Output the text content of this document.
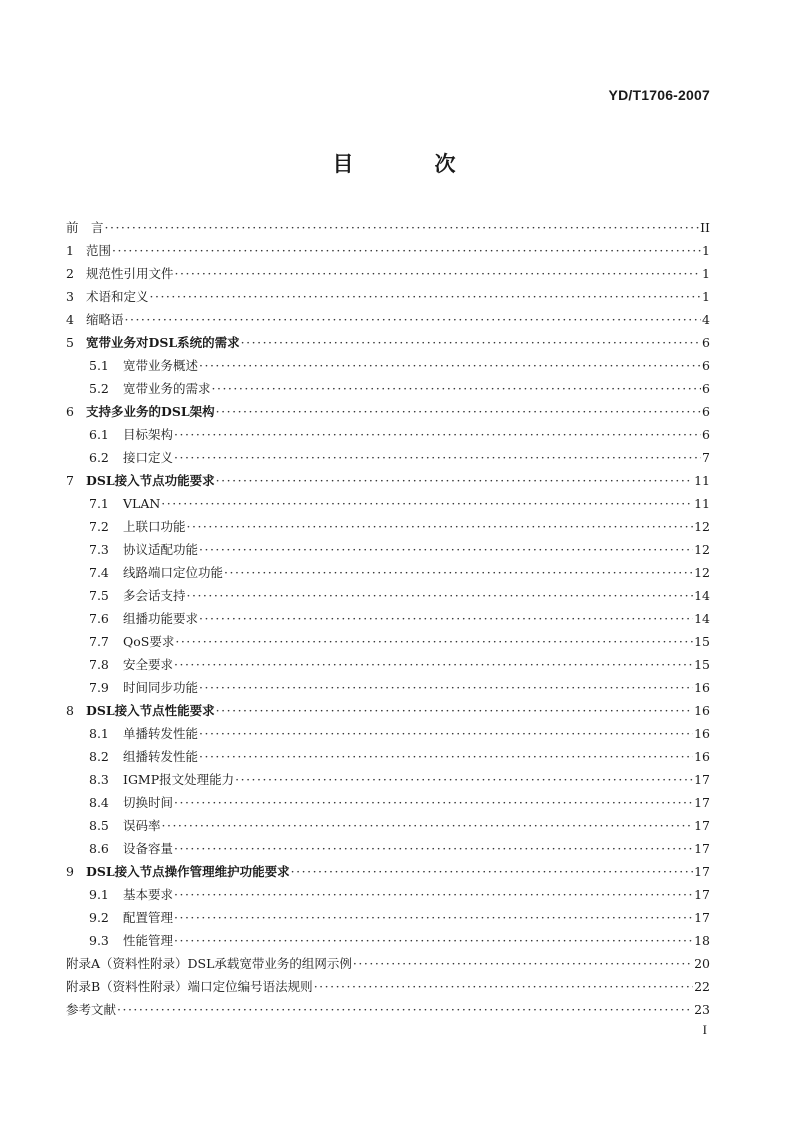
YD/T1706-2007
目　次
前　言 ·····	II
1 范围 ·····	1
2 规范性引用文件 ·····	1
3 术语和定义 ·····	1
4 缩略语 ·····	4
5 宽带业务对DSL系统的需求 ·····	6
5.1	宽带业务概述 ·····	6
5.2	宽带业务的需求 ·····	6
6 支持多业务的DSL架构 ·····	6
6.1	目标架构 ·····	6
6.2	接口定义 ·····	7
7 DSL接入节点功能要求 ·····	11
7.1	VLAN ·····	11
7.2	上联口功能 ·····	12
7.3	协议适配功能 ·····	12
7.4	线路端口定位功能 ·····	12
7.5	多会话支持 ·····	14
7.6	组播功能要求 ·····	14
7.7	QoS要求 ·····	15
7.8	安全要求 ·····	15
7.9	时间同步功能 ·····	16
8 DSL接入节点性能要求 ·····	16
8.1	单播转发性能 ·····	16
8.2	组播转发性能 ·····	16
8.3	IGMP报文处理能力 ·····	17
8.4	切换时间 ·····	17
8.5	误码率 ·····	17
8.6	设备容量 ·····	17
9 DSL接入节点操作管理维护功能要求 ·····	17
9.1	基本要求 ·····	17
9.2	配置管理 ·····	17
9.3	性能管理 ·····	18
附录A（资料性附录）DSL承载宽带业务的组网示例 ·····	20
附录B（资料性附录）端口定位编号语法规则 ·····	22
参考文献 ·····	23
I
